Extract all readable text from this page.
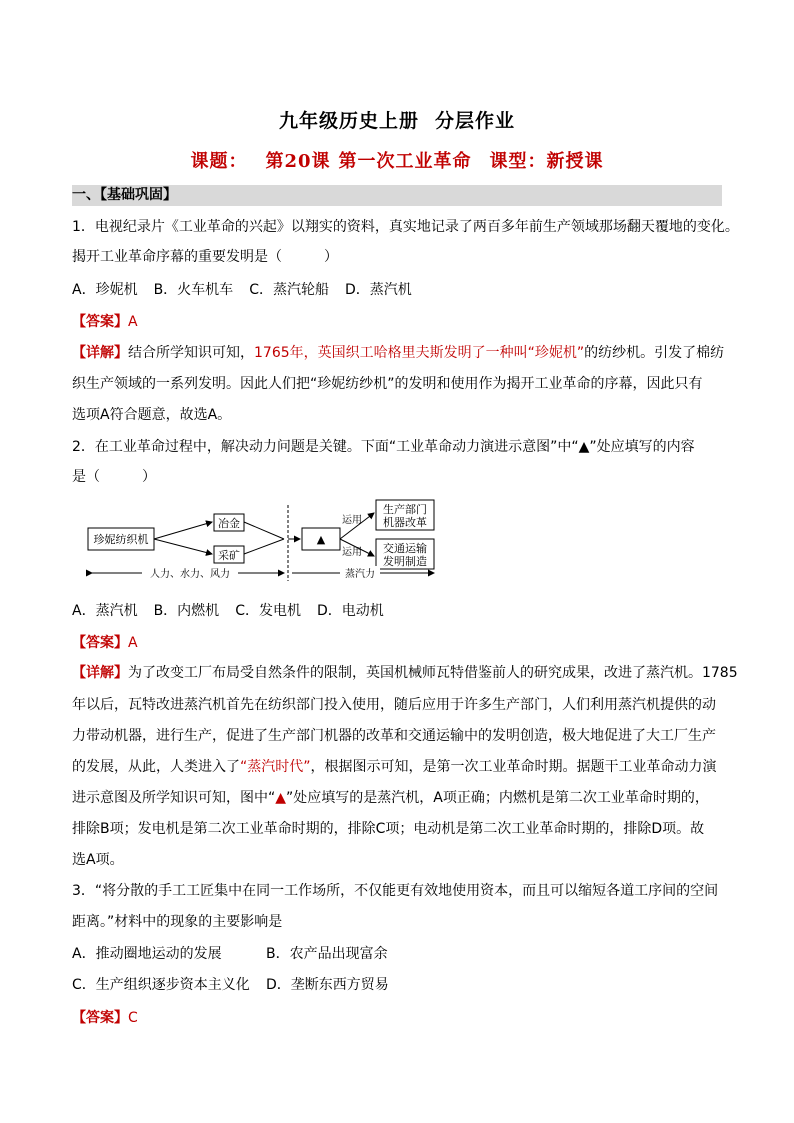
九年级历史上册 分层作业
课题： 第20课 第一次工业革命 课型：新授课
一、【基础巩固】
1．电视纪录片《工业革命的兴起》以翔实的资料，真实地记录了两百多年前生产领域那场翻天覆地的变化。
揭开工业革命序幕的重要发明是（　　　）
A．珍妮机 B．火车机车 C．蒸汽轮船 D．蒸汽机
【答案】A
【详解】结合所学知识可知，1765年，英国织工哈格里夫斯发明了一种叫“珍妮机”的纺纱机。引发了棉纺
织生产领域的一系列发明。因此人们把“珍妮纺纱机”的发明和使用作为揭开工业革命的序幕，因此只有
选项A符合题意，故选A。
2．在工业革命过程中，解决动力问题是关键。下面“工业革命动力演进示意图”中“▲”处应填写的内容
是（　　　）
珍妮纺织机
冶金
采矿
▲
运用
运用
生产部门
机器改革
交通运输
发明制造
人力、水力、风力	蒸汽力
A．蒸汽机 B．内燃机 C．发电机 D．电动机
【答案】A
【详解】为了改变工厂布局受自然条件的限制，英国机械师瓦特借鉴前人的研究成果，改进了蒸汽机。1785
年以后，瓦特改进蒸汽机首先在纺织部门投入使用，随后应用于许多生产部门，人们利用蒸汽机提供的动
力带动机器，进行生产，促进了生产部门机器的改革和交通运输中的发明创造，极大地促进了大工厂生产
的发展，从此，人类进入了“蒸汽时代”，根据图示可知，是第一次工业革命时期。据题干工业革命动力演
进示意图及所学知识可知，图中“▲”处应填写的是蒸汽机，A项正确；内燃机是第二次工业革命时期的，
排除B项；发电机是第二次工业革命时期的，排除C项；电动机是第二次工业革命时期的，排除D项。故
选A项。
3．“将分散的手工工匠集中在同一工作场所，不仅能更有效地使用资本，而且可以缩短各道工序间的空间
距离。”材料中的现象的主要影响是
A．推动圈地运动的发展	B．农产品出现富余
C．生产组织逐步资本主义化 D．垄断东西方贸易
【答案】C
